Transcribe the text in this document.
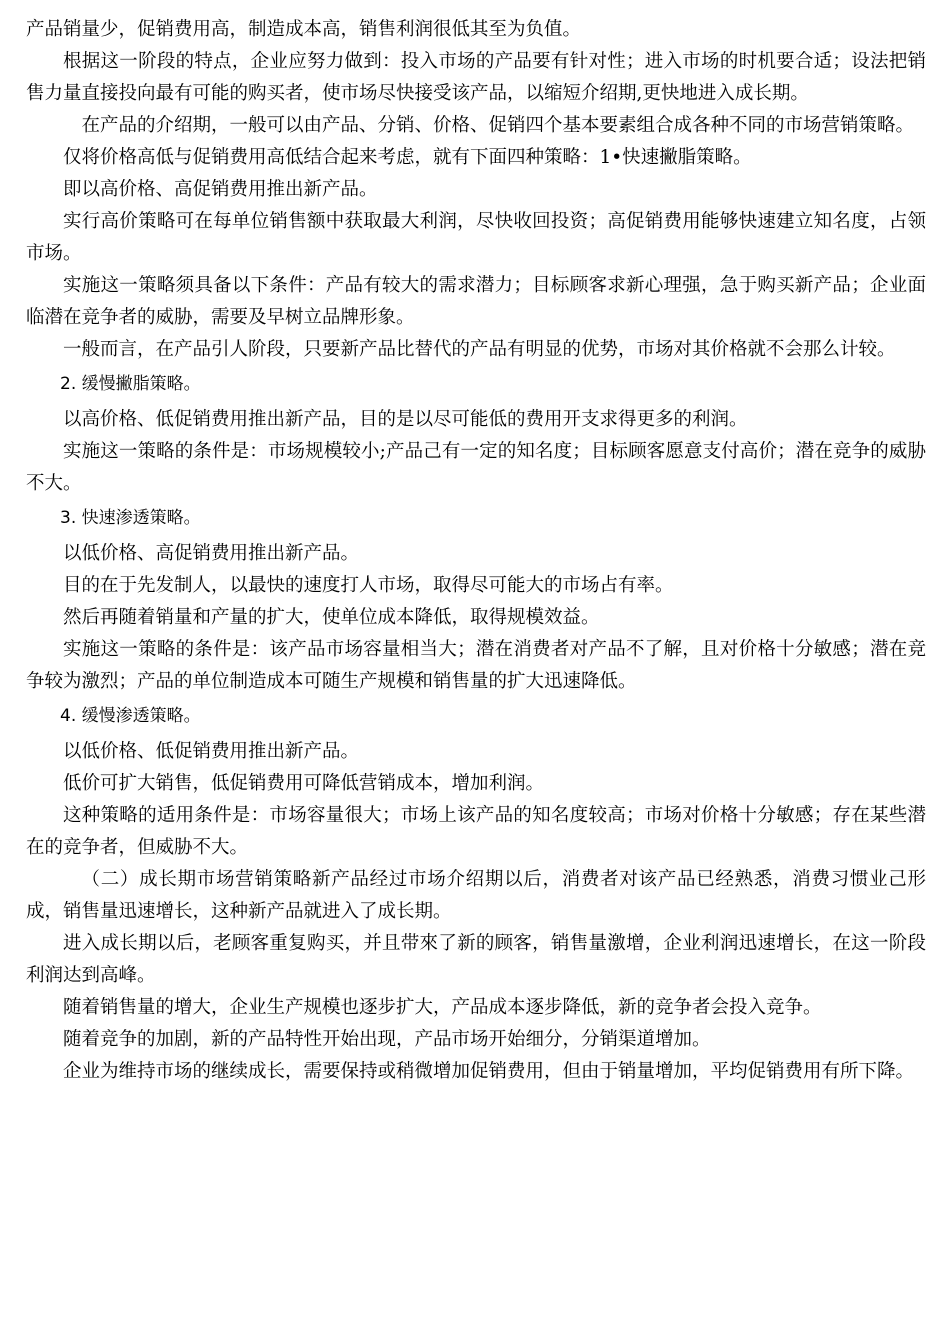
产品销量少，促销费用高，制造成本高，销售利润很低其至为负值。

根据这一阶段的特点，企业应努力做到：投入市场的产品要有针对性；进入市场的时机要合适；设法把销售力量直接投向最有可能的购买者，使市场尽快接受该产品，以缩短介绍期,更快地进入成长期。

在产品的介绍期，一般可以由产品、分销、价格、促销四个基本要素组合成各种不同的市场营销策略。

仅将价格高低与促销费用高低结合起来考虑，就有下面四种策略：1•快速撇脂策略。

即以高价格、高促销费用推出新产品。

实行高价策略可在每单位销售额中获取最大利润，尽快收回投资；高促销费用能够快速建立知名度，占领市场。

实施这一策略须具备以下条件：产品有较大的需求潜力；目标顾客求新心理强，急于购买新产品；企业面临潜在竞争者的威胁，需要及早树立品牌形象。

一般而言，在产品引人阶段，只要新产品比替代的产品有明显的优势，市场对其价格就不会那么计较。

2. 缓慢撇脂策略。

以高价格、低促销费用推出新产品，目的是以尽可能低的费用开支求得更多的利润。

实施这一策略的条件是：市场规模较小;产品己有一定的知名度；目标顾客愿意支付高价；潜在竞争的威胁不大。

3. 快速渗透策略。

以低价格、高促销费用推出新产品。

目的在于先发制人，以最快的速度打人市场，取得尽可能大的市场占有率。

然后再随着销量和产量的扩大，使单位成本降低，取得规模效益。

实施这一策略的条件是：该产品市场容量相当大；潜在消费者对产品不了解，且对价格十分敏感；潜在竞争较为激烈；产品的单位制造成本可随生产规模和销售量的扩大迅速降低。

4. 缓慢渗透策略。

以低价格、低促销费用推出新产品。

低价可扩大销售，低促销费用可降低营销成本，增加利润。

这种策略的适用条件是：市场容量很大；市场上该产品的知名度较高；市场对价格十分敏感；存在某些潜在的竞争者，但威胁不大。

（二）成长期市场营销策略新产品经过市场介绍期以后，消费者对该产品已经熟悉，消费习惯业己形成，销售量迅速增长，这种新产品就进入了成长期。

进入成长期以后，老顾客重复购买，并且带來了新的顾客，销售量激增，企业利润迅速增长，在这一阶段利润达到高峰。

随着销售量的增大，企业生产规模也逐步扩大，产品成本逐步降低，新的竞争者会投入竞争。

随着竞争的加剧，新的产品特性开始出现，产品市场开始细分，分销渠道增加。

企业为维持市场的继续成长，需要保持或稍微增加促销费用，但由于销量增加，平均促销费用有所下降。
